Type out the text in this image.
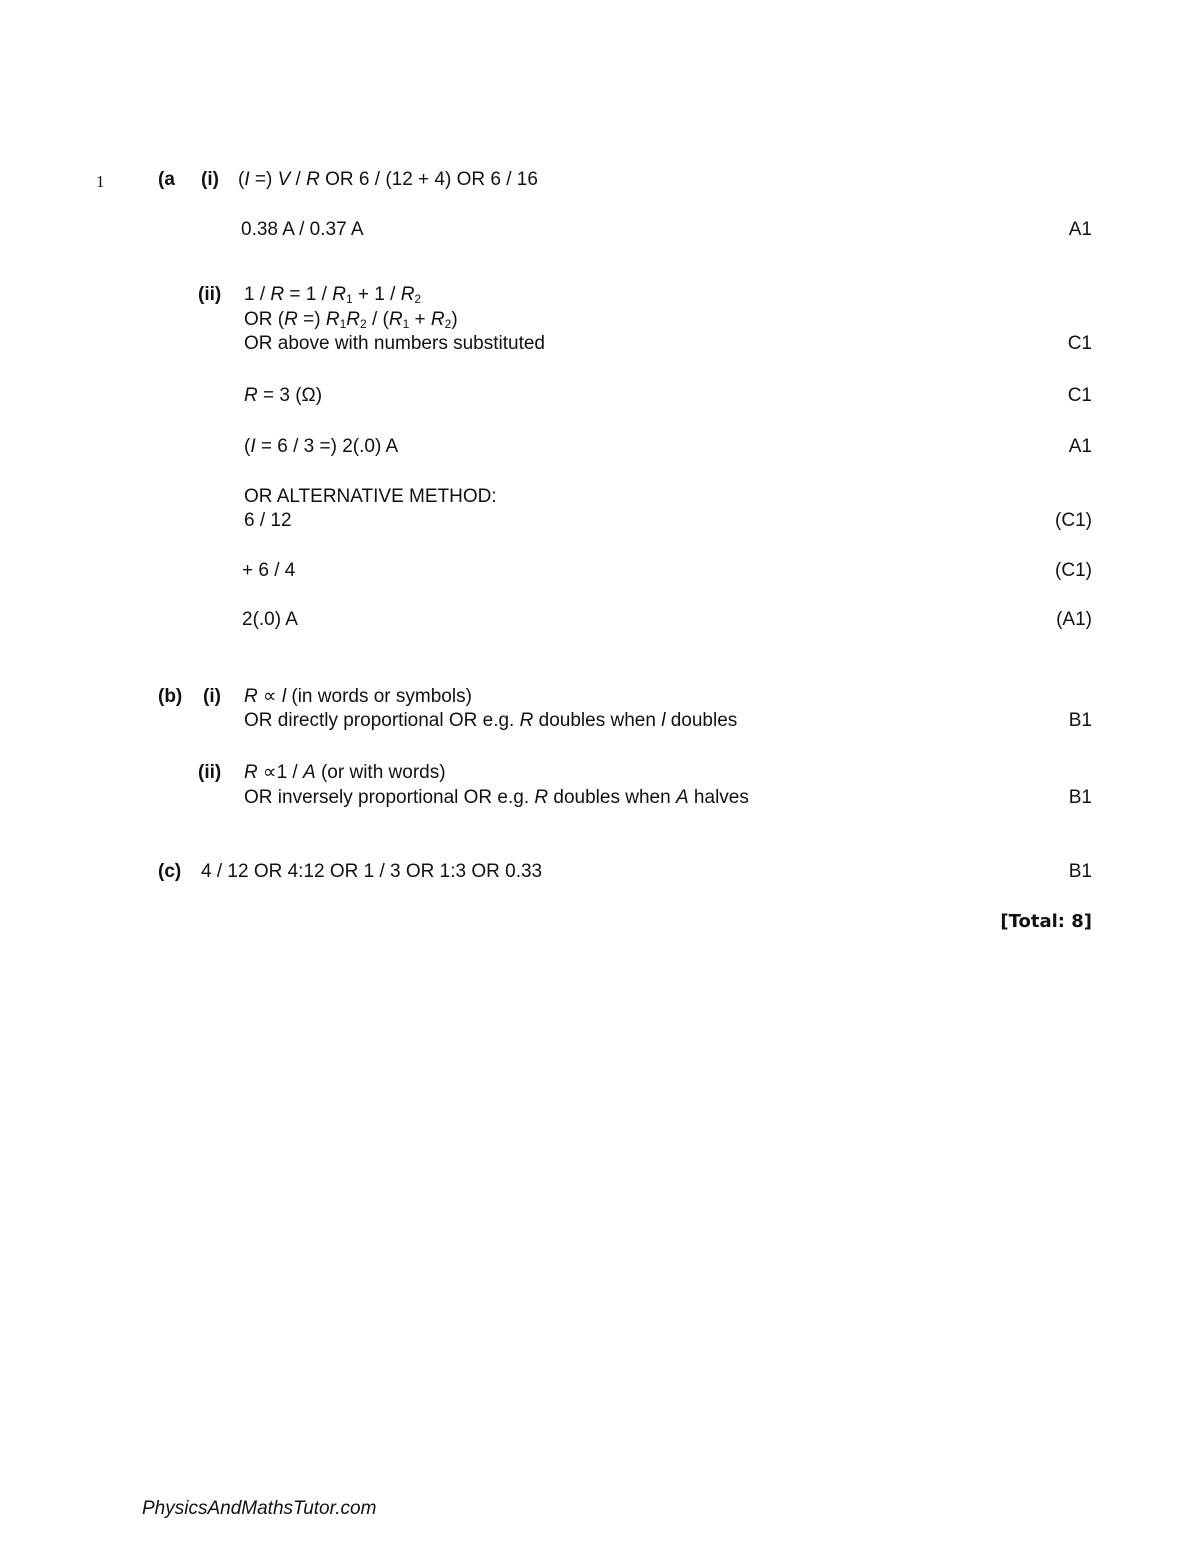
1	(a (i) (I =) V / R OR 6 / (12 + 4) OR 6 / 16
0.38 A / 0.37 A	A1
(ii) $1 / R = 1 / R_1 + 1 / R_2$
OR (R =) $R_1R_2 / (R_1 + R_2)$
OR above with numbers substituted	C1
R = 3 (Ω)	C1
(I = 6 / 3 =) 2(.0) A	A1
OR ALTERNATIVE METHOD:
6 / 12	(C1)
+ 6 / 4	(C1)
2(.0) A	(A1)
(b) (i) R ∝ l (in words or symbols)
OR directly proportional OR e.g. R doubles when l doubles	B1
(ii) R ∝1 / A (or with words)
OR inversely proportional OR e.g. R doubles when A halves	B1
(c) 4 / 12 OR 4:12 OR 1 / 3 OR 1:3 OR 0.33	B1
[Total: 8]
PhysicsAndMathsTutor.com
